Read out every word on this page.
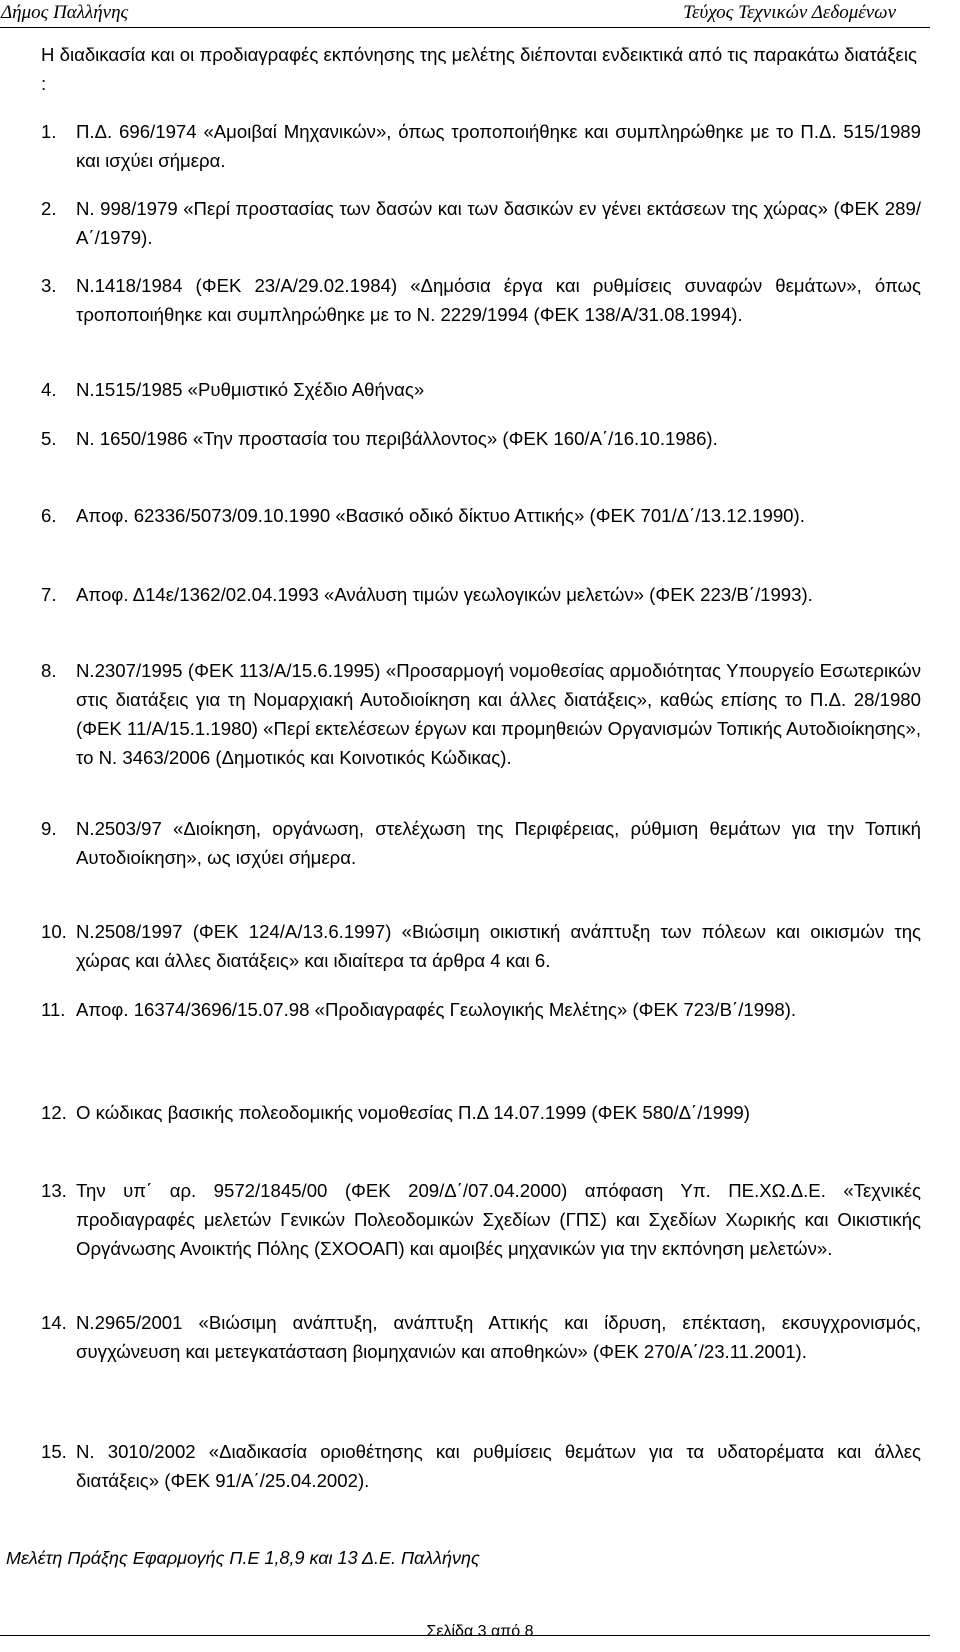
Δήμος Παλλήνης	Τεύχος Τεχνικών Δεδομένων
Η διαδικασία και οι προδιαγραφές εκπόνησης της μελέτης διέπονται ενδεικτικά από τις παρακάτω διατάξεις :
1. Π.Δ. 696/1974 «Αμοιβαί Μηχανικών», όπως τροποποιήθηκε και συμπληρώθηκε με το Π.Δ. 515/1989 και ισχύει σήμερα.
2. Ν. 998/1979 «Περί προστασίας των δασών και των δασικών εν γένει εκτάσεων της χώρας» (ΦΕΚ 289/Α΄/1979).
3. Ν.1418/1984 (ΦΕΚ 23/Α/29.02.1984) «Δημόσια έργα και ρυθμίσεις συναφών θεμάτων», όπως τροποποιήθηκε και συμπληρώθηκε με το Ν. 2229/1994 (ΦΕΚ 138/Α/31.08.1994).
4. Ν.1515/1985 «Ρυθμιστικό Σχέδιο Αθήνας»
5. Ν. 1650/1986 «Την προστασία του περιβάλλοντος» (ΦΕΚ 160/Α΄/16.10.1986).
6. Αποφ. 62336/5073/09.10.1990 «Βασικό οδικό δίκτυο Αττικής» (ΦΕΚ 701/Δ΄/13.12.1990).
7. Αποφ. Δ14ε/1362/02.04.1993 «Ανάλυση τιμών γεωλογικών μελετών» (ΦΕΚ 223/Β΄/1993).
8. Ν.2307/1995 (ΦΕΚ 113/Α/15.6.1995) «Προσαρμογή νομοθεσίας αρμοδιότητας Υπουργείο Εσωτερικών στις διατάξεις για τη Νομαρχιακή Αυτοδιοίκηση και άλλες διατάξεις», καθώς επίσης το Π.Δ. 28/1980 (ΦΕΚ 11/Α/15.1.1980) «Περί εκτελέσεων έργων και προμηθειών Οργανισμών Τοπικής Αυτοδιοίκησης», το Ν. 3463/2006 (Δημοτικός και Κοινοτικός Κώδικας).
9. Ν.2503/97 «Διοίκηση, οργάνωση, στελέχωση της Περιφέρειας, ρύθμιση θεμάτων για την Τοπική Αυτοδιοίκηση», ως ισχύει σήμερα.
10. Ν.2508/1997 (ΦΕΚ 124/Α/13.6.1997) «Βιώσιμη οικιστική ανάπτυξη των πόλεων και οικισμών της χώρας και άλλες διατάξεις» και ιδιαίτερα τα άρθρα 4 και 6.
11. Αποφ. 16374/3696/15.07.98 «Προδιαγραφές Γεωλογικής Μελέτης» (ΦΕΚ 723/Β΄/1998).
12. Ο κώδικας βασικής πολεοδομικής νομοθεσίας Π.Δ 14.07.1999 (ΦΕΚ 580/Δ΄/1999)
13. Την υπ΄ αρ. 9572/1845/00 (ΦΕΚ 209/Δ΄/07.04.2000) απόφαση Υπ. ΠΕ.ΧΩ.Δ.Ε. «Τεχνικές προδιαγραφές μελετών Γενικών Πολεοδομικών Σχεδίων (ΓΠΣ) και Σχεδίων Χωρικής και Οικιστικής Οργάνωσης Ανοικτής Πόλης (ΣΧΟΟΑΠ) και αμοιβές μηχανικών για την εκπόνηση μελετών».
14. Ν.2965/2001 «Βιώσιμη ανάπτυξη, ανάπτυξη Αττικής και ίδρυση, επέκταση, εκσυγχρονισμός, συγχώνευση και μετεγκατάσταση βιομηχανιών και αποθηκών» (ΦΕΚ 270/Α΄/23.11.2001).
15. Ν. 3010/2002 «Διαδικασία οριοθέτησης και ρυθμίσεις θεμάτων για τα υδατορέματα και άλλες διατάξεις» (ΦΕΚ 91/Α΄/25.04.2002).
Μελέτη Πράξης Εφαρμογής Π.Ε 1,8,9 και 13 Δ.Ε. Παλλήνης
Σελίδα 3 από 8
